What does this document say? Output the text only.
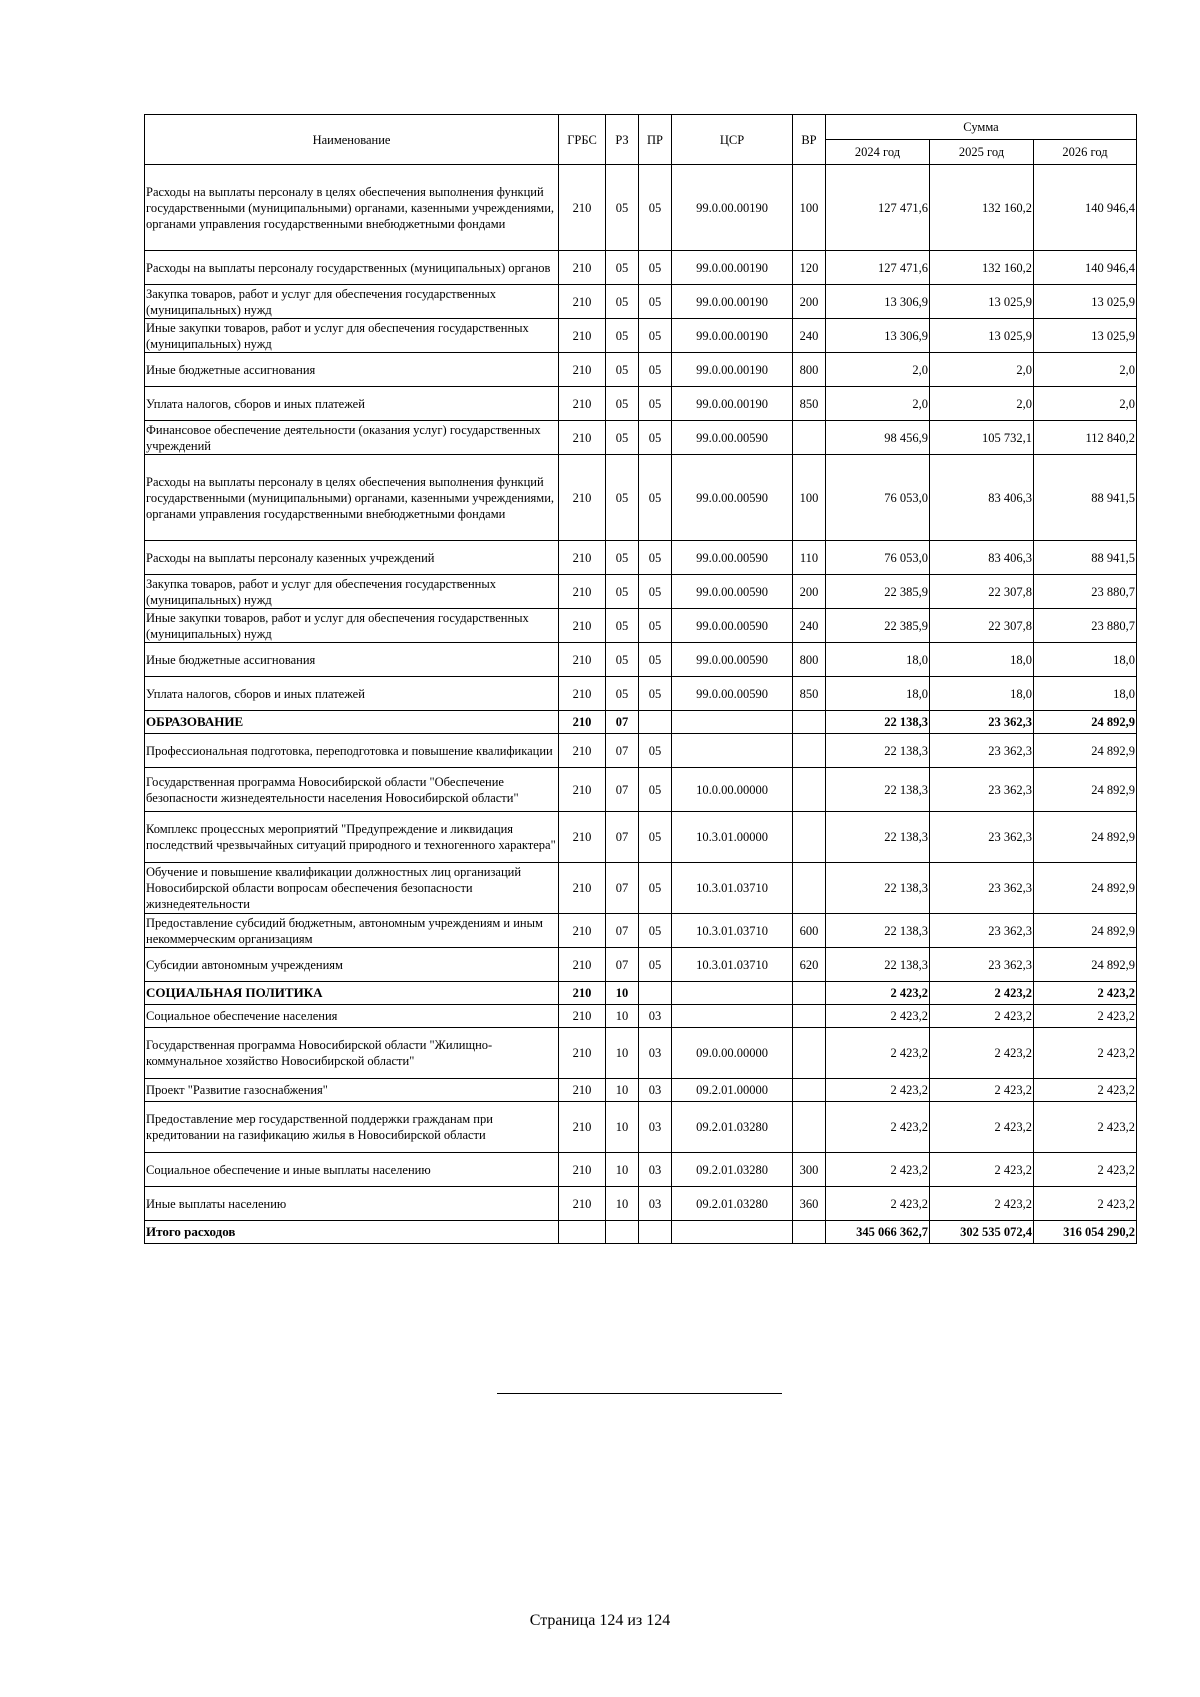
Наименование	ГРБС	РЗ	ПР	ЦСР	ВР	Сумма		
						2024 год	2025 год	2026 год
Расходы на выплаты персоналу в целях обеспечения выполнения функций государственными (муниципальными) органами, казенными учреждениями, органами управления государственными внебюджетными фондами	210	05	05	99.0.00.00190	100	127 471,6	132 160,2	140 946,4
Расходы на выплаты персоналу государственных (муниципальных) органов	210	05	05	99.0.00.00190	120	127 471,6	132 160,2	140 946,4
Закупка товаров, работ и услуг для обеспечения государственных (муниципальных) нужд	210	05	05	99.0.00.00190	200	13 306,9	13 025,9	13 025,9
Иные закупки товаров, работ и услуг для обеспечения государственных (муниципальных) нужд	210	05	05	99.0.00.00190	240	13 306,9	13 025,9	13 025,9
Иные бюджетные ассигнования	210	05	05	99.0.00.00190	800	2,0	2,0	2,0
Уплата налогов, сборов и иных платежей	210	05	05	99.0.00.00190	850	2,0	2,0	2,0
Финансовое обеспечение деятельности (оказания услуг) государственных учреждений	210	05	05	99.0.00.00590		98 456,9	105 732,1	112 840,2
Расходы на выплаты персоналу в целях обеспечения выполнения функций государственными (муниципальными) органами, казенными учреждениями, органами управления государственными внебюджетными фондами	210	05	05	99.0.00.00590	100	76 053,0	83 406,3	88 941,5
Расходы на выплаты персоналу казенных учреждений	210	05	05	99.0.00.00590	110	76 053,0	83 406,3	88 941,5
Закупка товаров, работ и услуг для обеспечения государственных (муниципальных) нужд	210	05	05	99.0.00.00590	200	22 385,9	22 307,8	23 880,7
Иные закупки товаров, работ и услуг для обеспечения государственных (муниципальных) нужд	210	05	05	99.0.00.00590	240	22 385,9	22 307,8	23 880,7
Иные бюджетные ассигнования	210	05	05	99.0.00.00590	800	18,0	18,0	18,0
Уплата налогов, сборов и иных платежей	210	05	05	99.0.00.00590	850	18,0	18,0	18,0
ОБРАЗОВАНИЕ	210	07				22 138,3	23 362,3	24 892,9
Профессиональная подготовка, переподготовка и повышение квалификации	210	07	05			22 138,3	23 362,3	24 892,9
Государственная программа Новосибирской области "Обеспечение безопасности жизнедеятельности населения Новосибирской области"	210	07	05	10.0.00.00000		22 138,3	23 362,3	24 892,9
Комплекс процессных мероприятий "Предупреждение и ликвидация последствий чрезвычайных ситуаций природного и техногенного характера"	210	07	05	10.3.01.00000		22 138,3	23 362,3	24 892,9
Обучение и повышение квалификации должностных лиц организаций Новосибирской области вопросам обеспечения безопасности жизнедеятельности	210	07	05	10.3.01.03710		22 138,3	23 362,3	24 892,9
Предоставление субсидий бюджетным, автономным учреждениям и иным некоммерческим организациям	210	07	05	10.3.01.03710	600	22 138,3	23 362,3	24 892,9
Субсидии автономным учреждениям	210	07	05	10.3.01.03710	620	22 138,3	23 362,3	24 892,9
СОЦИАЛЬНАЯ ПОЛИТИКА	210	10				2 423,2	2 423,2	2 423,2
Социальное обеспечение населения	210	10	03			2 423,2	2 423,2	2 423,2
Государственная программа Новосибирской области "Жилищно-коммунальное хозяйство Новосибирской области"	210	10	03	09.0.00.00000		2 423,2	2 423,2	2 423,2
Проект "Развитие газоснабжения"	210	10	03	09.2.01.00000		2 423,2	2 423,2	2 423,2
Предоставление мер государственной поддержки гражданам при кредитовании на газификацию жилья в Новосибирской области	210	10	03	09.2.01.03280		2 423,2	2 423,2	2 423,2
Социальное обеспечение и иные выплаты населению	210	10	03	09.2.01.03280	300	2 423,2	2 423,2	2 423,2
Иные выплаты населению	210	10	03	09.2.01.03280	360	2 423,2	2 423,2	2 423,2
Итого расходов						345 066 362,7	302 535 072,4	316 054 290,2
Страница 124 из 124
